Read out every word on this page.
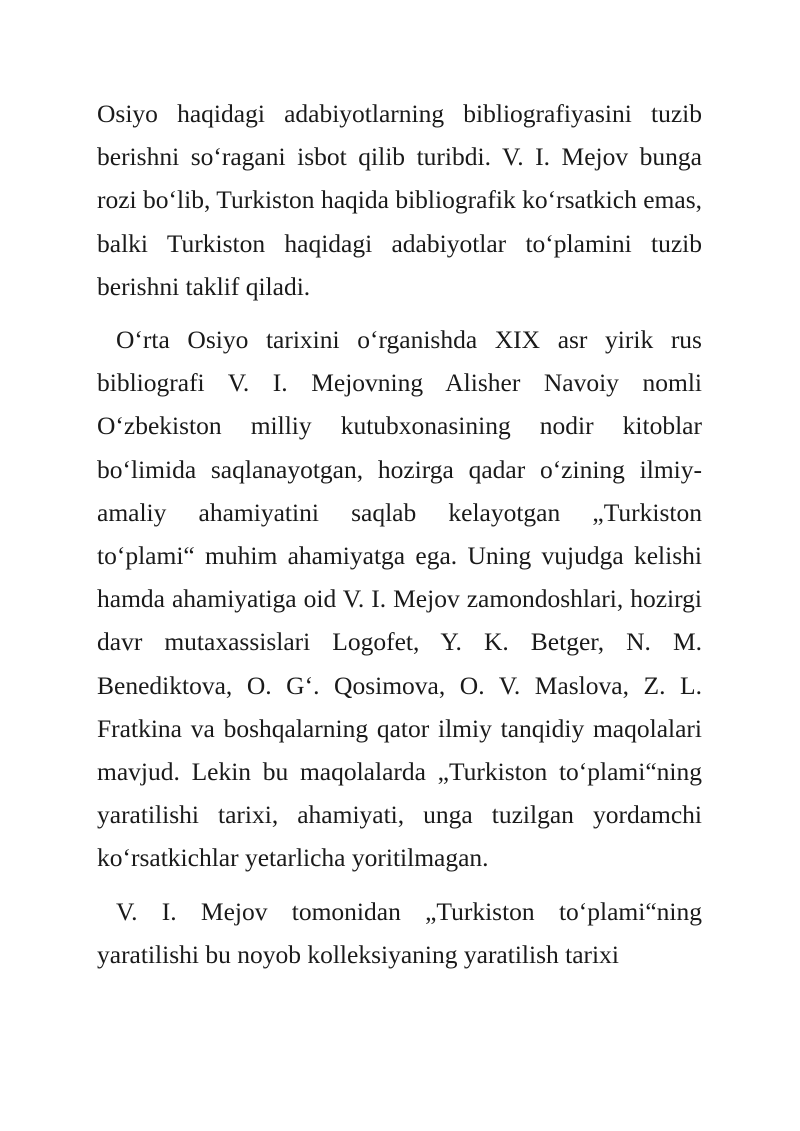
Osiyo haqidagi adabiyotlarning bibliografiyasini tuzib berishni so‘ragani isbot qilib turibdi. V. I. Mejov bunga rozi bo‘lib, Turkiston haqida bibliografik ko‘rsatkich emas, balki Turkiston haqidagi adabiyotlar to‘plamini tuzib berishni taklif qiladi.

O‘rta Osiyo tarixini o‘rganishda XIX asr yirik rus bibliografi V. I. Mejovning Alisher Navoiy nomli O‘zbekiston milliy kutubxonasining nodir kitoblar bo‘limida saqlanayotgan, hozirga qadar o‘zining ilmiy-amaliy ahamiyatini saqlab kelayotgan „Turkiston to‘plami“ muhim ahamiyatga ega. Uning vujudga kelishi hamda ahamiyatiga oid V. I. Mejov zamondoshlari, hozirgi davr mutaxassislari Logofet, Y. K. Betger, N. M. Benediktova, O. G‘. Qosimova, O. V. Maslova, Z. L. Fratkina va boshqalarning qator ilmiy tanqidiy maqolalari mavjud. Lekin bu maqolalarda „Turkiston to‘plami“ning yaratilishi tarixi, ahamiyati, unga tuzilgan yordamchi ko‘rsatkichlar yetarlicha yoritilmagan.

V. I. Mejov tomonidan „Turkiston to‘plami“ning yaratilishi bu noyob kolleksiyaning yaratilish tarixi
